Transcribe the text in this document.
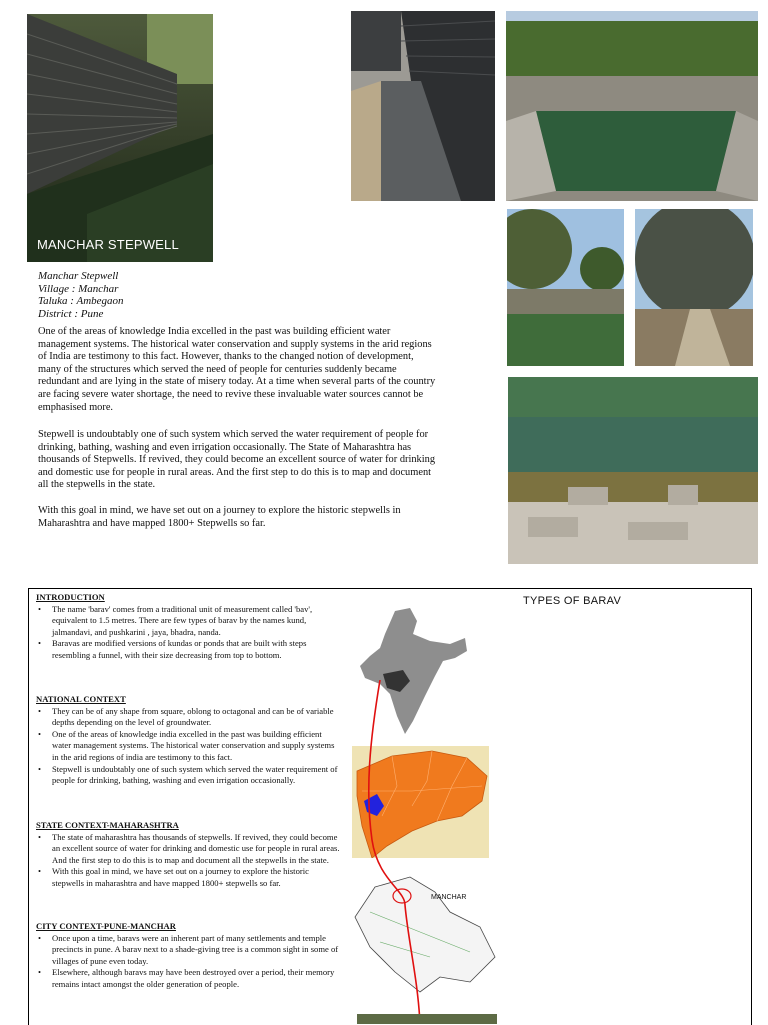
MANCHAR STEPWELL
Manchar Stepwell
Village : Manchar
Taluka : Ambegaon
District : Pune
One of the areas of knowledge India excelled in the past was building efficient water management systems. The historical water conservation and supply systems in the arid regions of India are testimony to this fact. However, thanks to the changed notion of development, many of the structures which served the need of people for centuries suddenly became redundant and are lying in the state of misery today. At a time when several parts of the country are facing severe water shortage, the need to revive these invaluable water sources cannot be emphasised more.
Stepwell is undoubtably one of such system which served the water requirement of people for drinking, bathing, washing and even irrigation occasionally. The State of Maharashtra has thousands of Stepwells. If revived, they could become an excellent source of water for drinking and domestic use for people in rural areas. And the first step to do this is to map and document all the stepwells in the state.
With this goal in mind, we have set out on a journey to explore the historic stepwells in Maharashtra and have mapped 1800+ Stepwells so far.
TYPES OF BARAV
INTRODUCTION
• The name 'barav' comes from a traditional unit of measurement called 'bav', equivalent to 1.5 metres. There are few types of barav by the names kund, jalmandavi, and pushkarini , jaya, bhadra, nanda.
• Baravas are modified versions of kundas or ponds that are built with steps resembling a funnel, with their size decreasing from top to bottom.
NATIONAL CONTEXT
• They can be of any shape from square, oblong to octagonal and can be of variable depths depending on the level of groundwater.
• One of the areas of knowledge india excelled in the past was building efficient water management systems. The historical water conservation and supply systems in the arid regions of india are testimony to this fact.
• Stepwell is undoubtably one of such system which served the water requirement of people for drinking, bathing, washing and even irrigation occasionally.
STATE CONTEXT-MAHARASHTRA
• The state of maharashtra has thousands of stepwells. If revived, they could become an excellent source of water for drinking and domestic use for people in rural areas. And the first step to do this is to map and document all the stepwells in the state.
• With this goal in mind, we have set out on a journey to explore the historic stepwells in maharashtra and have mapped 1800+ stepwells so far.
CITY CONTEXT-PUNE-MANCHAR
• Once upon a time, baravs were an inherent part of many settlements and temple precincts in pune. A barav next to a shade-giving tree is a common sight in some of villages of pune even today.
• Elsewhere, although baravs may have been destroyed over a period, their memory remains intact amongst the older generation of people.
MANCHAR
